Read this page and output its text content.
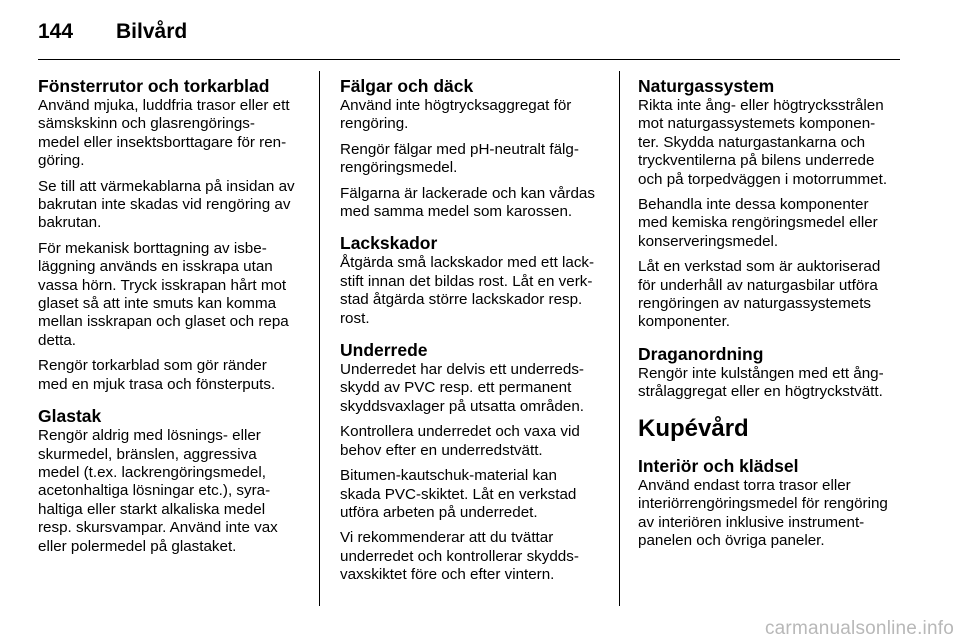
144 Bilvård
Fönsterrutor och torkarblad

Använd mjuka, luddfria trasor eller ett
sämskskinn och glasrengörings-
medel eller insektsborttagare för ren-
göring.

Se till att värmekablarna på insidan av
bakrutan inte skadas vid rengöring av
bakrutan.

För mekanisk borttagning av isbe-
läggning används en isskrapa utan
vassa hörn. Tryck isskrapan hårt mot
glaset så att inte smuts kan komma
mellan isskrapan och glaset och repa
detta.

Rengör torkarblad som gör ränder
med en mjuk trasa och fönsterputs.

Glastak

Rengör aldrig med lösnings- eller
skurmedel, bränslen, aggressiva
medel (t.ex. lackrengöringsmedel,
acetonhaltiga lösningar etc.), syra-
haltiga eller starkt alkaliska medel
resp. skursvampar. Använd inte vax
eller polermedel på glastaket.

Fälgar och däck

Använd inte högtrycksaggregat för
rengöring.

Rengör fälgar med pH-neutralt fälg-
rengöringsmedel.

Fälgarna är lackerade och kan vårdas
med samma medel som karossen.

Lackskador

Åtgärda små lackskador med ett lack-
stift innan det bildas rost. Låt en verk-
stad åtgärda större lackskador resp.
rost.

Underrede

Underredet har delvis ett underreds-
skydd av PVC resp. ett permanent
skyddsvaxlager på utsatta områden.

Kontrollera underredet och vaxa vid
behov efter en underredstvätt.

Bitumen-kautschuk-material kan
skada PVC-skiktet. Låt en verkstad
utföra arbeten på underredet.

Vi rekommenderar att du tvättar
underredet och kontrollerar skydds-
vaxskiktet före och efter vintern.

Naturgassystem

Rikta inte ång- eller högtrycksstrålen
mot naturgassystemets komponen-
ter. Skydda naturgastankarna och
tryckventilerna på bilens underrede
och på torpedväggen i motorrummet.

Behandla inte dessa komponenter
med kemiska rengöringsmedel eller
konserveringsmedel.

Låt en verkstad som är auktoriserad
för underhåll av naturgasbilar utföra
rengöringen av naturgassystemets
komponenter.

Draganordning

Rengör inte kulstången med ett ång-
strålaggregat eller en högtryckstvätt.

Kupévård
Interiör och klädsel

Använd endast torra trasor eller
interiörrengöringsmedel för rengöring
av interiören inklusive instrument-
panelen och övriga paneler.

carmanualsonline.info
